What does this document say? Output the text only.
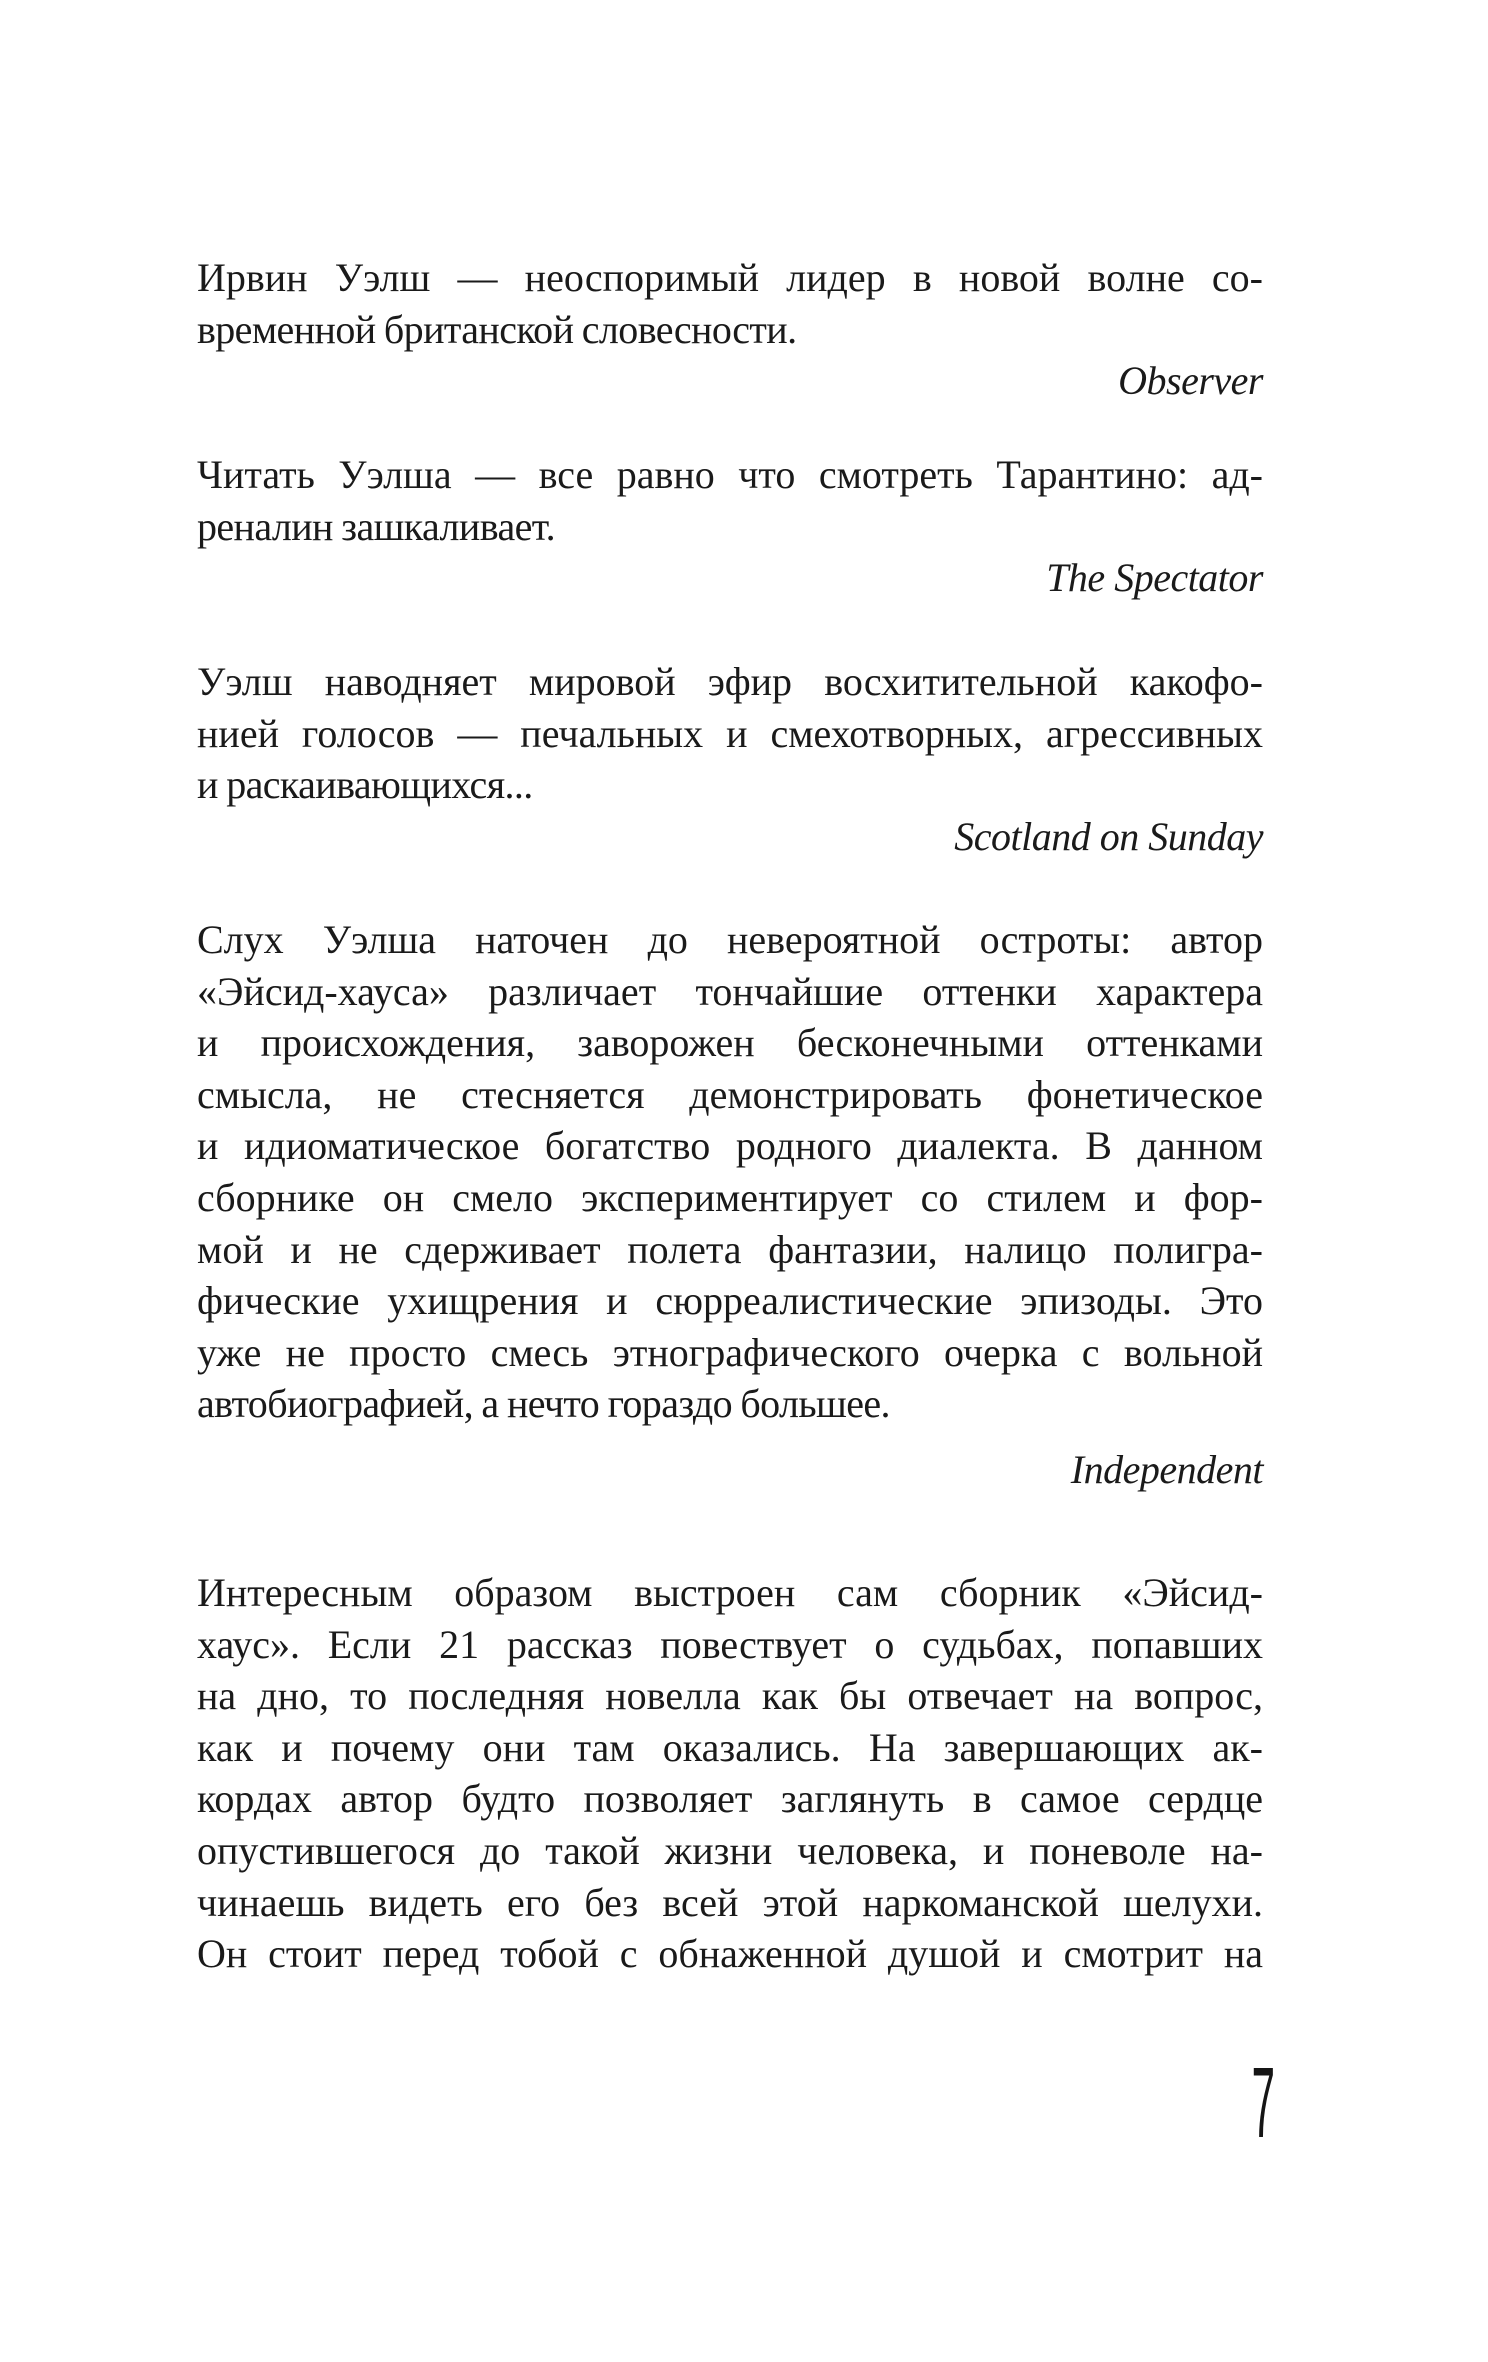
Ирвин Уэлш — неоспоримый лидер в новой волне со-
временной британской словесности.
Observer
Читать Уэлша — все равно что смотреть Тарантино: ад-
реналин зашкаливает.
The Spectator
Уэлш наводняет мировой эфир восхитительной какофо-
нией голосов — печальных и смехотворных, агрессивных
и раскаивающихся...
Scotland on Sunday
Слух Уэлша наточен до невероятной остроты: автор
«Эйсид-хауса» различает тончайшие оттенки характера
и происхождения, заворожен бесконечными оттенками
смысла, не стесняется демонстрировать фонетическое
и идиоматическое богатство родного диалекта. В данном
сборнике он смело экспериментирует со стилем и фор-
мой и не сдерживает полета фантазии, налицо полигра-
фические ухищрения и сюрреалистические эпизоды. Это
уже не просто смесь этнографического очерка с вольной
автобиографией, а нечто гораздо большее.
Independent
Интересным образом выстроен сам сборник «Эйсид-
хаус». Если 21 рассказ повествует о судьбах, попавших
на дно, то последняя новелла как бы отвечает на вопрос,
как и почему они там оказались. На завершающих ак-
кордах автор будто позволяет заглянуть в самое сердце
опустившегося до такой жизни человека, и поневоле на-
чинаешь видеть его без всей этой наркоманской шелухи.
Он стоит перед тобой с обнаженной душой и смотрит на
7
